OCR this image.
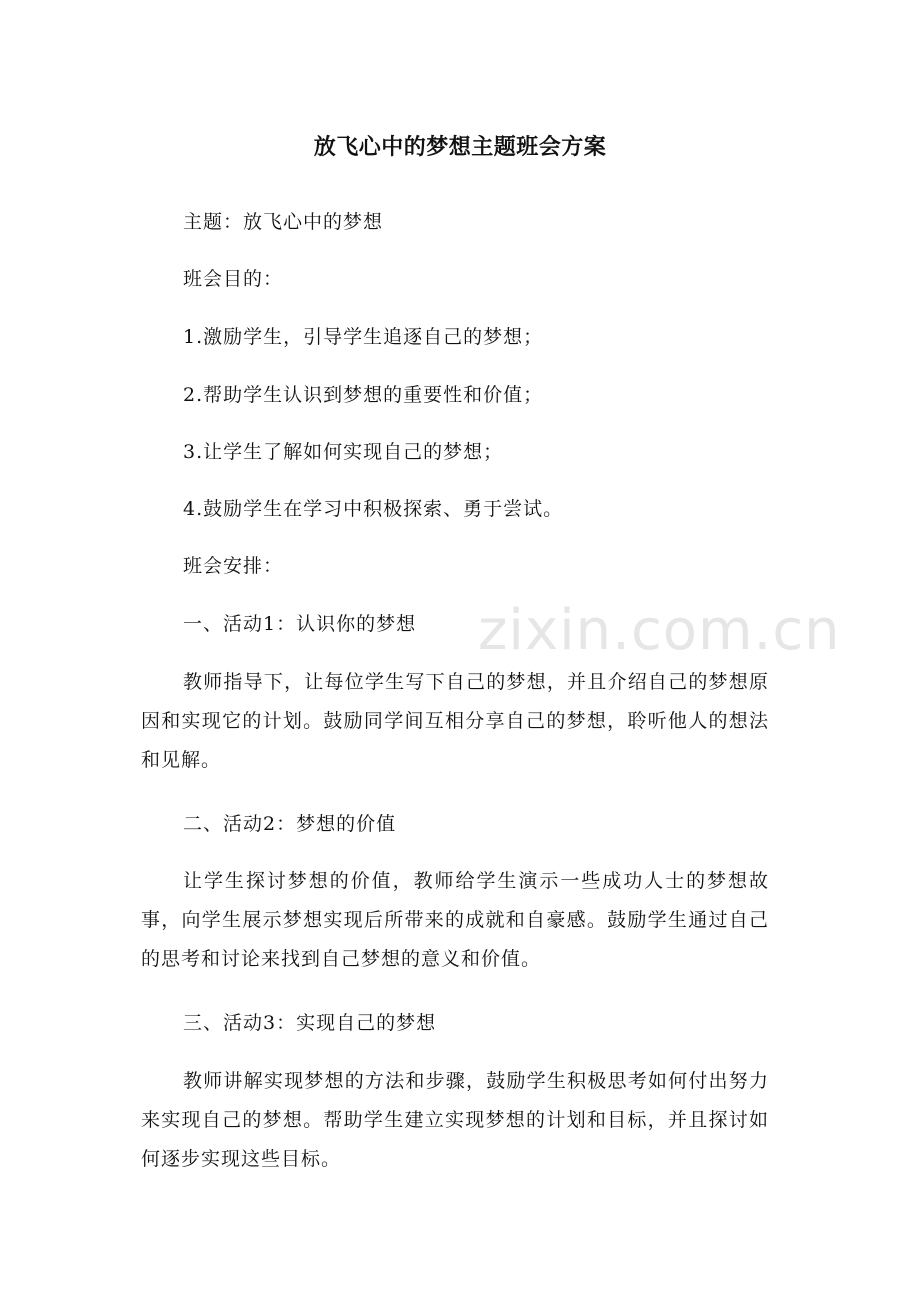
zixin.com.cn
放飞心中的梦想主题班会方案
主题：放飞心中的梦想
班会目的：
1.激励学生，引导学生追逐自己的梦想；
2.帮助学生认识到梦想的重要性和价值；
3.让学生了解如何实现自己的梦想；
4.鼓励学生在学习中积极探索、勇于尝试。
班会安排：
一、活动1：认识你的梦想
教师指导下，让每位学生写下自己的梦想，并且介绍自己的梦想原因和实现它的计划。鼓励同学间互相分享自己的梦想，聆听他人的想法和见解。
二、活动2：梦想的价值
让学生探讨梦想的价值，教师给学生演示一些成功人士的梦想故事，向学生展示梦想实现后所带来的成就和自豪感。鼓励学生通过自己的思考和讨论来找到自己梦想的意义和价值。
三、活动3：实现自己的梦想
教师讲解实现梦想的方法和步骤，鼓励学生积极思考如何付出努力来实现自己的梦想。帮助学生建立实现梦想的计划和目标，并且探讨如何逐步实现这些目标。
